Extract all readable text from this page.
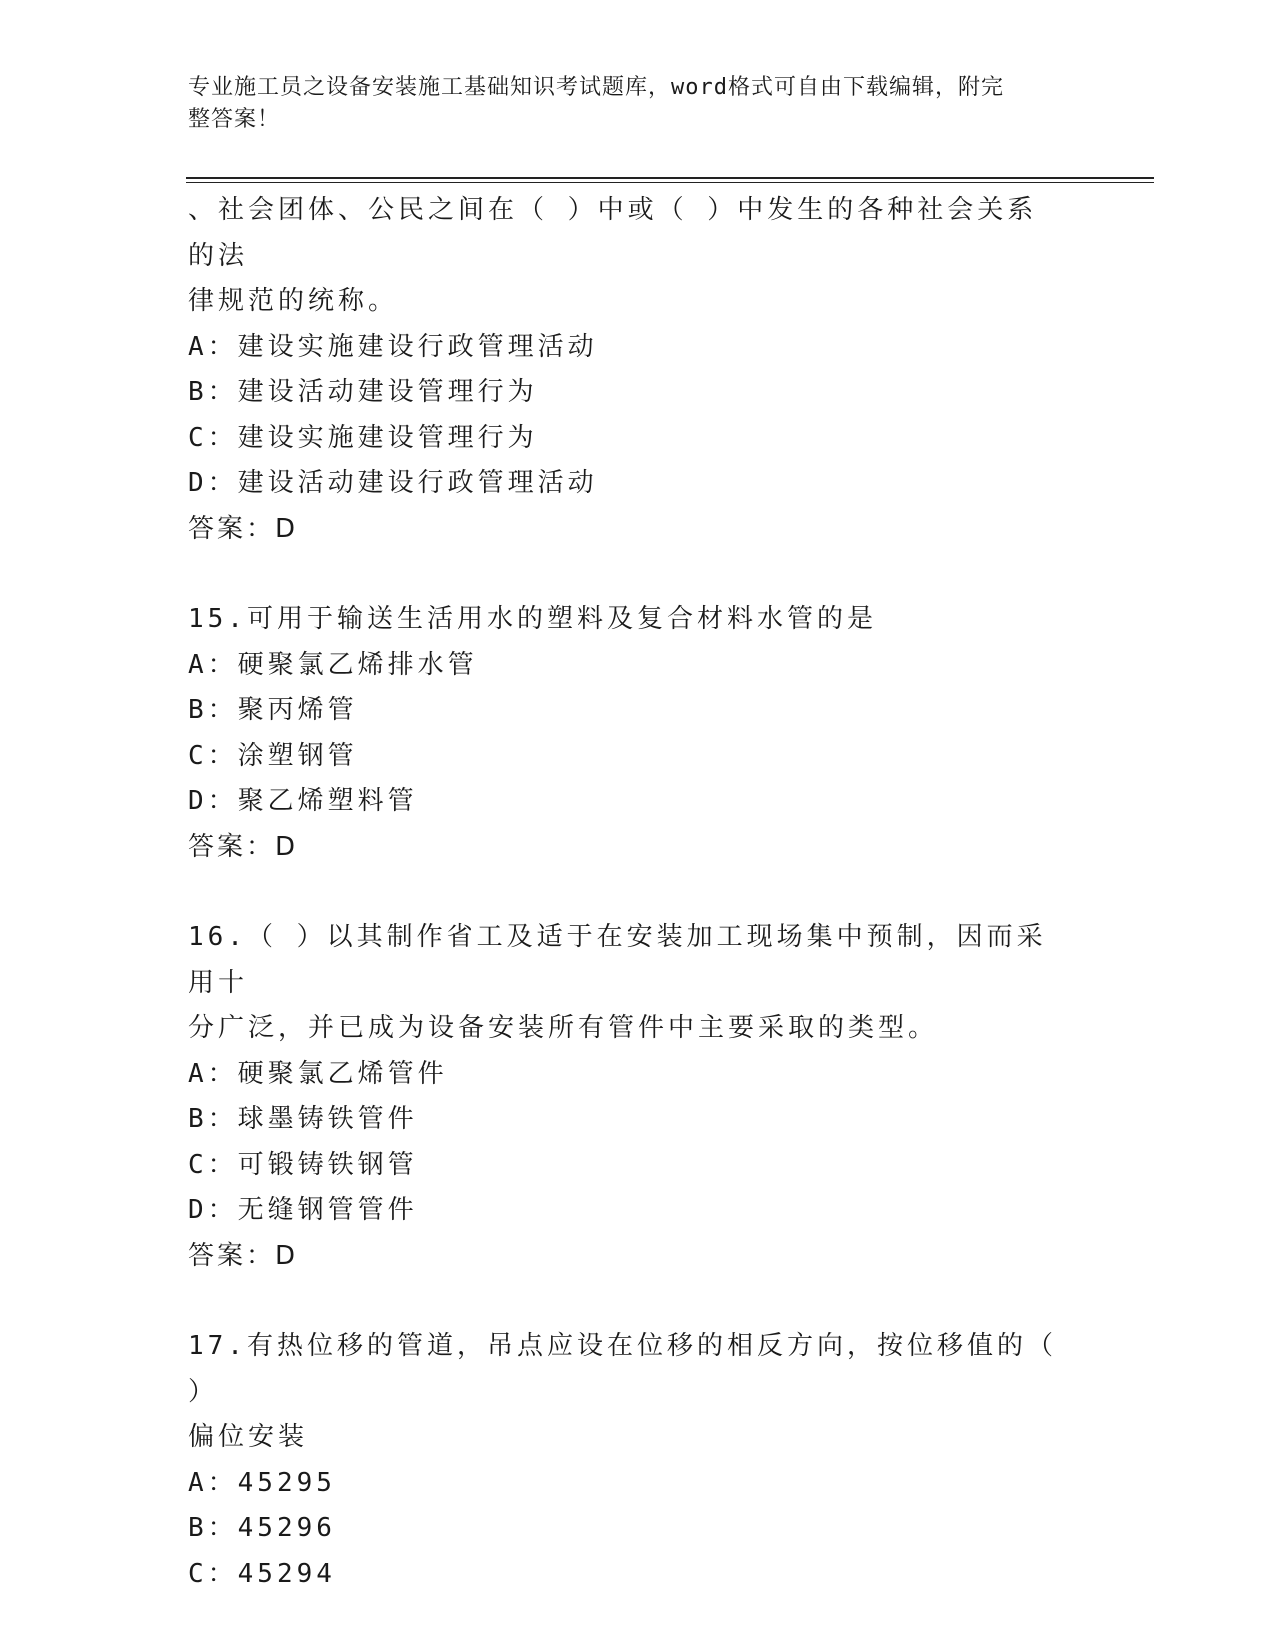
专业施工员之设备安装施工基础知识考试题库，word格式可自由下载编辑，附完
整答案！
、社会团体、公民之间在（ ）中或（ ）中发生的各种社会关系的法
律规范的统称。
A：建设实施建设行政管理活动
B：建设活动建设管理行为
C：建设实施建设管理行为
D：建设活动建设行政管理活动
答案：D
15.可用于输送生活用水的塑料及复合材料水管的是
A：硬聚氯乙烯排水管
B：聚丙烯管
C：涂塑钢管
D：聚乙烯塑料管
答案：D
16.（ ）以其制作省工及适于在安装加工现场集中预制，因而采用十
分广泛，并已成为设备安装所有管件中主要采取的类型。
A：硬聚氯乙烯管件
B：球墨铸铁管件
C：可锻铸铁钢管
D：无缝钢管管件
答案：D
17.有热位移的管道，吊点应设在位移的相反方向，按位移值的（ ）
偏位安装
A：45295
B：45296
C：45294
